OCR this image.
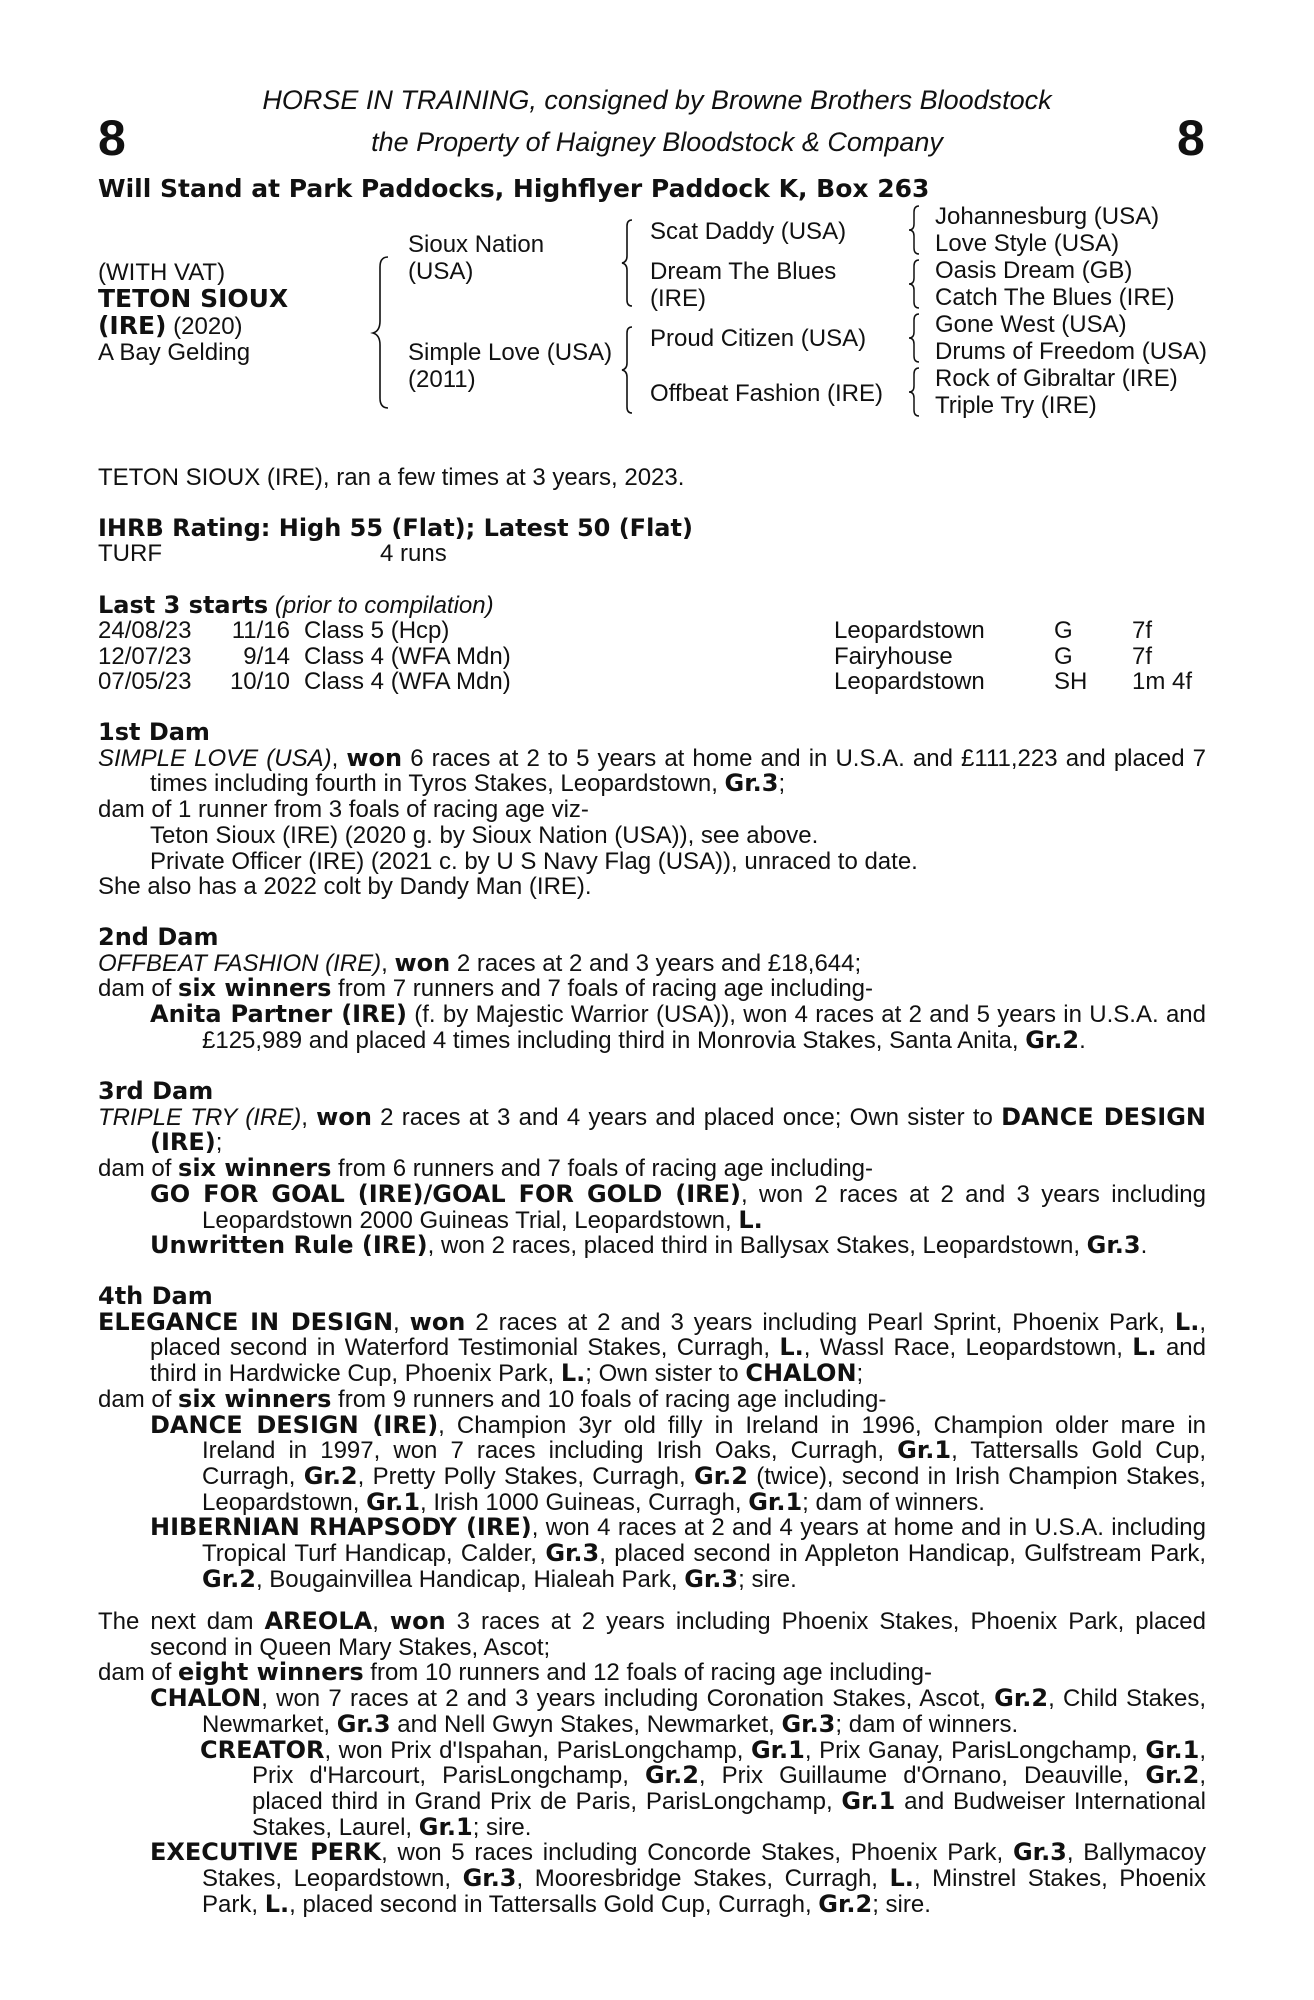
8	8
HORSE IN TRAINING, consigned by Browne Brothers Bloodstock
the Property of Haigney Bloodstock & Company
Will Stand at Park Paddocks, Highflyer Paddock K, Box 263
(WITH VAT)
TETON SIOUX
(IRE) (2020)
A Bay Gelding
Sioux Nation
(USA)
Simple Love (USA)
(2011)
Scat Daddy (USA)
Dream The Blues
(IRE)
Proud Citizen (USA)
Offbeat Fashion (IRE)
Johannesburg (USA)
Love Style (USA)
Oasis Dream (GB)
Catch The Blues (IRE)
Gone West (USA)
Drums of Freedom (USA)
Rock of Gibraltar (IRE)
Triple Try (IRE)
TETON SIOUX (IRE), ran a few times at 3 years, 2023.
IHRB Rating: High 55 (Flat); Latest 50 (Flat)
TURF	4 runs
Last 3 starts (prior to compilation)
24/08/23	11/16	Class 5 (Hcp)	Leopardstown	G	7f
12/07/23	9/14	Class 4 (WFA Mdn)	Fairyhouse	G	7f
07/05/23	10/10	Class 4 (WFA Mdn)	Leopardstown	SH	1m 4f

1st Dam

SIMPLE LOVE (USA), won 6 races at 2 to 5 years at home and in U.S.A. and £111,223 and placed 7 times including fourth in Tyros Stakes, Leopardstown, Gr.3;

dam of 1 runner from 3 foals of racing age viz-

Teton Sioux (IRE) (2020 g. by Sioux Nation (USA)), see above.

Private Officer (IRE) (2021 c. by U S Navy Flag (USA)), unraced to date.

She also has a 2022 colt by Dandy Man (IRE).

2nd Dam

OFFBEAT FASHION (IRE), won 2 races at 2 and 3 years and £18,644;

dam of six winners from 7 runners and 7 foals of racing age including-

Anita Partner (IRE) (f. by Majestic Warrior (USA)), won 4 races at 2 and 5 years in U.S.A. and £125,989 and placed 4 times including third in Monrovia Stakes, Santa Anita, Gr.2.

3rd Dam

TRIPLE TRY (IRE), won 2 races at 3 and 4 years and placed once; Own sister to DANCE DESIGN (IRE);

dam of six winners from 6 runners and 7 foals of racing age including-

GO FOR GOAL (IRE)/GOAL FOR GOLD (IRE), won 2 races at 2 and 3 years including Leopardstown 2000 Guineas Trial, Leopardstown, L.

Unwritten Rule (IRE), won 2 races, placed third in Ballysax Stakes, Leopardstown, Gr.3.

4th Dam

ELEGANCE IN DESIGN, won 2 races at 2 and 3 years including Pearl Sprint, Phoenix Park, L., placed second in Waterford Testimonial Stakes, Curragh, L., Wassl Race, Leopardstown, L. and third in Hardwicke Cup, Phoenix Park, L.; Own sister to CHALON;

dam of six winners from 9 runners and 10 foals of racing age including-

DANCE DESIGN (IRE), Champion 3yr old filly in Ireland in 1996, Champion older mare in Ireland in 1997, won 7 races including Irish Oaks, Curragh, Gr.1, Tattersalls Gold Cup, Curragh, Gr.2, Pretty Polly Stakes, Curragh, Gr.2 (twice), second in Irish Champion Stakes, Leopardstown, Gr.1, Irish 1000 Guineas, Curragh, Gr.1; dam of winners.

HIBERNIAN RHAPSODY (IRE), won 4 races at 2 and 4 years at home and in U.S.A. including Tropical Turf Handicap, Calder, Gr.3, placed second in Appleton Handicap, Gulfstream Park, Gr.2, Bougainvillea Handicap, Hialeah Park, Gr.3; sire.

The next dam AREOLA, won 3 races at 2 years including Phoenix Stakes, Phoenix Park, placed second in Queen Mary Stakes, Ascot;

dam of eight winners from 10 runners and 12 foals of racing age including-

CHALON, won 7 races at 2 and 3 years including Coronation Stakes, Ascot, Gr.2, Child Stakes, Newmarket, Gr.3 and Nell Gwyn Stakes, Newmarket, Gr.3; dam of winners.

CREATOR, won Prix d'Ispahan, ParisLongchamp, Gr.1, Prix Ganay, ParisLongchamp, Gr.1, Prix d'Harcourt, ParisLongchamp, Gr.2, Prix Guillaume d'Ornano, Deauville, Gr.2, placed third in Grand Prix de Paris, ParisLongchamp, Gr.1 and Budweiser International Stakes, Laurel, Gr.1; sire.

EXECUTIVE PERK, won 5 races including Concorde Stakes, Phoenix Park, Gr.3, Ballymacoy Stakes, Leopardstown, Gr.3, Mooresbridge Stakes, Curragh, L., Minstrel Stakes, Phoenix Park, L., placed second in Tattersalls Gold Cup, Curragh, Gr.2; sire.
